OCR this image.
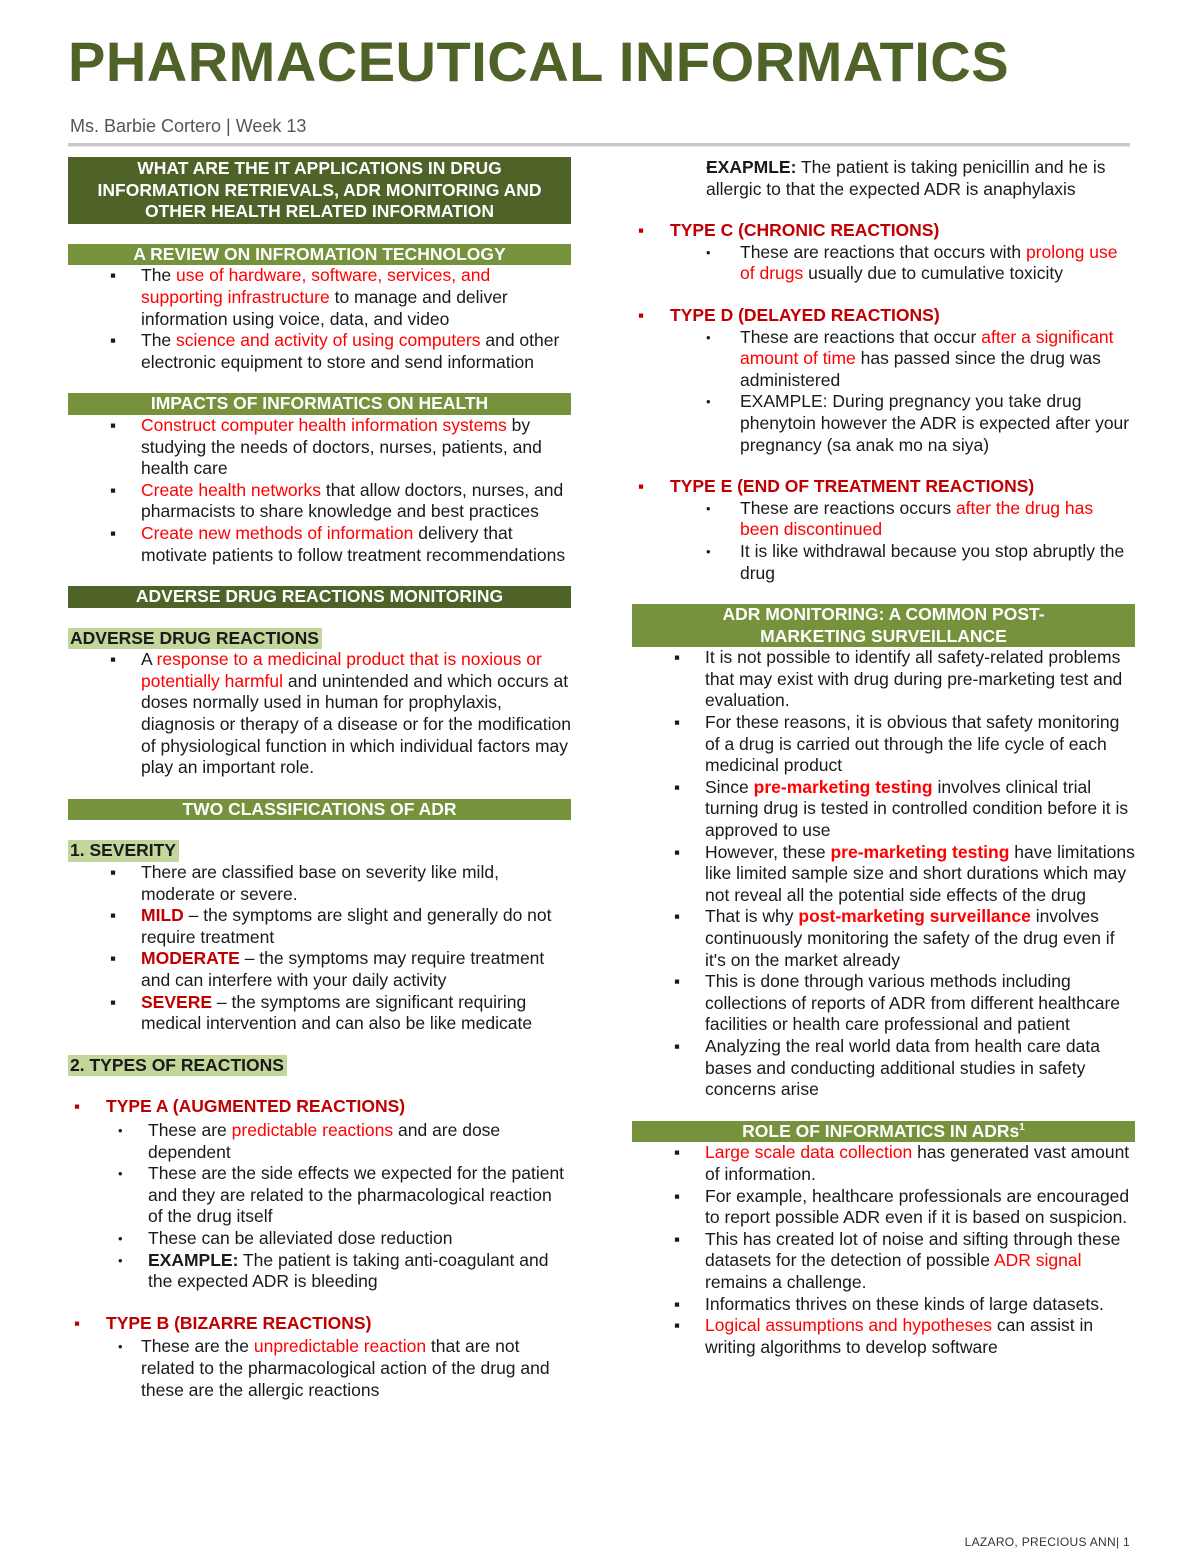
PHARMACEUTICAL INFORMATICS
Ms. Barbie Cortero | Week 13
WHAT ARE THE IT APPLICATIONS IN DRUG INFORMATION RETRIEVALS, ADR MONITORING AND OTHER HEALTH RELATED INFORMATION
A REVIEW ON INFROMATION TECHNOLOGY
▪ The use of hardware, software, services, and supporting infrastructure to manage and deliver information using voice, data, and video
▪ The science and activity of using computers and other electronic equipment to store and send information
IMPACTS OF INFORMATICS ON HEALTH
▪ Construct computer health information systems by studying the needs of doctors, nurses, patients, and health care
▪ Create health networks that allow doctors, nurses, and pharmacists to share knowledge and best practices
▪ Create new methods of information delivery that motivate patients to follow treatment recommendations
ADVERSE DRUG REACTIONS MONITORING
ADVERSE DRUG REACTIONS
▪ A response to a medicinal product that is noxious or potentially harmful and unintended and which occurs at doses normally used in human for prophylaxis, diagnosis or therapy of a disease or for the modification of physiological function in which individual factors may play an important role.
TWO CLASSIFICATIONS OF ADR
1. SEVERITY
▪ There are classified base on severity like mild, moderate or severe.
▪ MILD – the symptoms are slight and generally do not require treatment
▪ MODERATE – the symptoms may require treatment and can interfere with your daily activity
▪ SEVERE – the symptoms are significant requiring medical intervention and can also be like medicate
2. TYPES OF REACTIONS
▪ TYPE A (AUGMENTED REACTIONS)
• These are predictable reactions and are dose dependent
• These are the side effects we expected for the patient and they are related to the pharmacological reaction of the drug itself
• These can be alleviated dose reduction
• EXAMPLE: The patient is taking anti-coagulant and the expected ADR is bleeding
▪ TYPE B (BIZARRE REACTIONS)
• These are the unpredictable reaction that are not related to the pharmacological action of the drug and these are the allergic reactions
• EXAPMLE: The patient is taking penicillin and he is allergic to that the expected ADR is anaphylaxis
▪ TYPE C (CHRONIC REACTIONS)
• These are reactions that occurs with prolong use of drugs usually due to cumulative toxicity
▪ TYPE D (DELAYED REACTIONS)
• These are reactions that occur after a significant amount of time has passed since the drug was administered
• EXAMPLE: During pregnancy you take drug phenytoin however the ADR is expected after your pregnancy (sa anak mo na siya)
▪ TYPE E (END OF TREATMENT REACTIONS)
• These are reactions occurs after the drug has been discontinued
• It is like withdrawal because you stop abruptly the drug
ADR MONITORING: A COMMON POST-MARKETING SURVEILLANCE
▪ It is not possible to identify all safety-related problems that may exist with drug during pre-marketing test and evaluation.
▪ For these reasons, it is obvious that safety monitoring of a drug is carried out through the life cycle of each medicinal product
▪ Since pre-marketing testing involves clinical trial turning drug is tested in controlled condition before it is approved to use
▪ However, these pre-marketing testing have limitations like limited sample size and short durations which may not reveal all the potential side effects of the drug
▪ That is why post-marketing surveillance involves continuously monitoring the safety of the drug even if it's on the market already
▪ This is done through various methods including collections of reports of ADR from different healthcare facilities or health care professional and patient
▪ Analyzing the real world data from health care data bases and conducting additional studies in safety concerns arise
ROLE OF INFORMATICS IN ADRs$^1$
▪ Large scale data collection has generated vast amount of information.
▪ For example, healthcare professionals are encouraged to report possible ADR even if it is based on suspicion.
▪ This has created lot of noise and sifting through these datasets for the detection of possible ADR signal remains a challenge.
▪ Informatics thrives on these kinds of large datasets.
▪ Logical assumptions and hypotheses can assist in writing algorithms to develop software
LAZARO, PRECIOUS ANN| 1
